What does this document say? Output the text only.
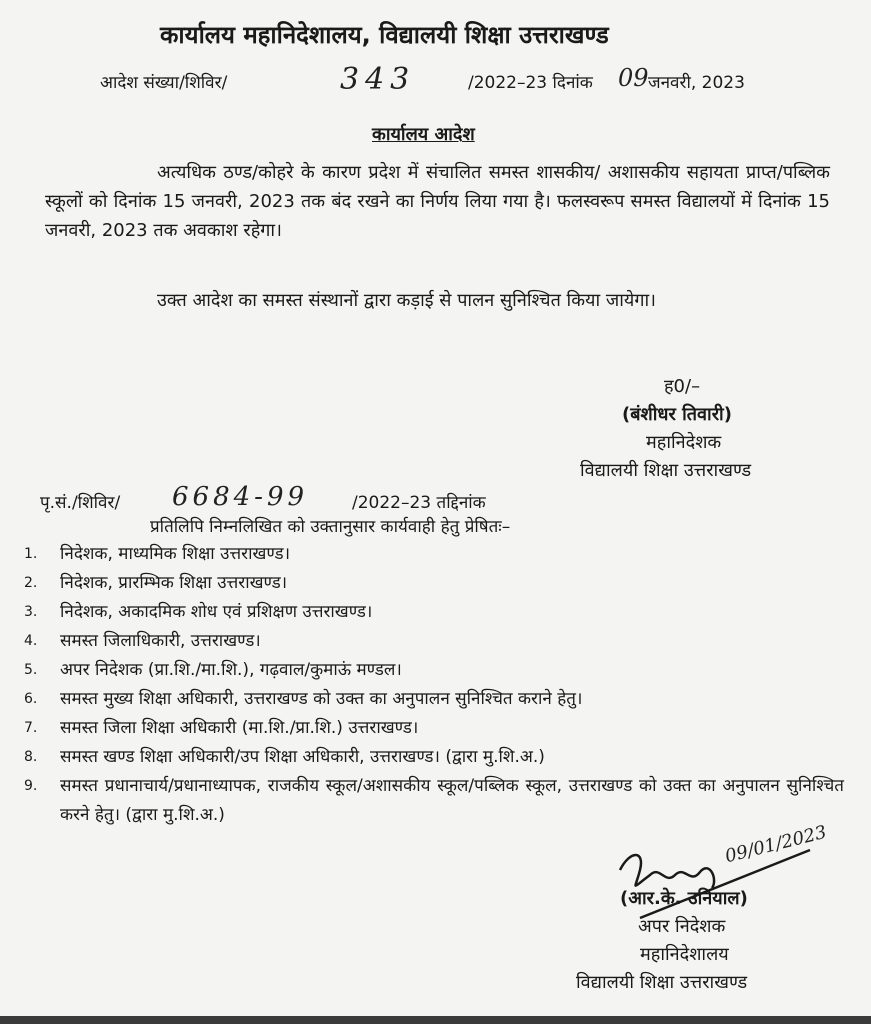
कार्यालय महानिदेशालय, विद्यालयी शिक्षा उत्तराखण्ड
आदेश संख्या/शिविर/	343	/2022–23 दिनांक 09 जनवरी, 2023
कार्यालय आदेश
अत्यधिक ठण्ड/कोहरे के कारण प्रदेश में संचालित समस्त शासकीय/ अशासकीय सहायता प्राप्त/पब्लिक स्कूलों को दिनांक 15 जनवरी, 2023 तक बंद रखने का निर्णय लिया गया है। फलस्वरूप समस्त विद्यालयों में दिनांक 15 जनवरी, 2023 तक अवकाश रहेगा।
उक्त आदेश का समस्त संस्थानों द्वारा कड़ाई से पालन सुनिश्चित किया जायेगा।
ह0/–
(बंशीधर तिवारी)
महानिदेशक
विद्यालयी शिक्षा उत्तराखण्ड
पृ.सं./शिविर/ 6684-99	/2022–23 तद्दिनांक
प्रतिलिपि निम्नलिखित को उक्तानुसार कार्यवाही हेतु प्रेषितः–
1. निदेशक, माध्यमिक शिक्षा उत्तराखण्ड।
2. निदेशक, प्रारम्भिक शिक्षा उत्तराखण्ड।
3. निदेशक, अकादमिक शोध एवं प्रशिक्षण उत्तराखण्ड।
4. समस्त जिलाधिकारी, उत्तराखण्ड।
5. अपर निदेशक (प्रा.शि./मा.शि.), गढ़वाल/कुमाऊं मण्डल।
6. समस्त मुख्य शिक्षा अधिकारी, उत्तराखण्ड को उक्त का अनुपालन सुनिश्चित कराने हेतु।
7. समस्त जिला शिक्षा अधिकारी (मा.शि./प्रा.शि.) उत्तराखण्ड।
8. समस्त खण्ड शिक्षा अधिकारी/उप शिक्षा अधिकारी, उत्तराखण्ड। (द्वारा मु.शि.अ.)
9. समस्त प्रधानाचार्य/प्रधानाध्यापक, राजकीय स्कूल/अशासकीय स्कूल/पब्लिक स्कूल, उत्तराखण्ड को उक्त का अनुपालन सुनिश्चित करने हेतु। (द्वारा मु.शि.अ.)
09/01/2023
(आर.के. उनियाल)
अपर निदेशक
महानिदेशालय
विद्यालयी शिक्षा उत्तराखण्ड
